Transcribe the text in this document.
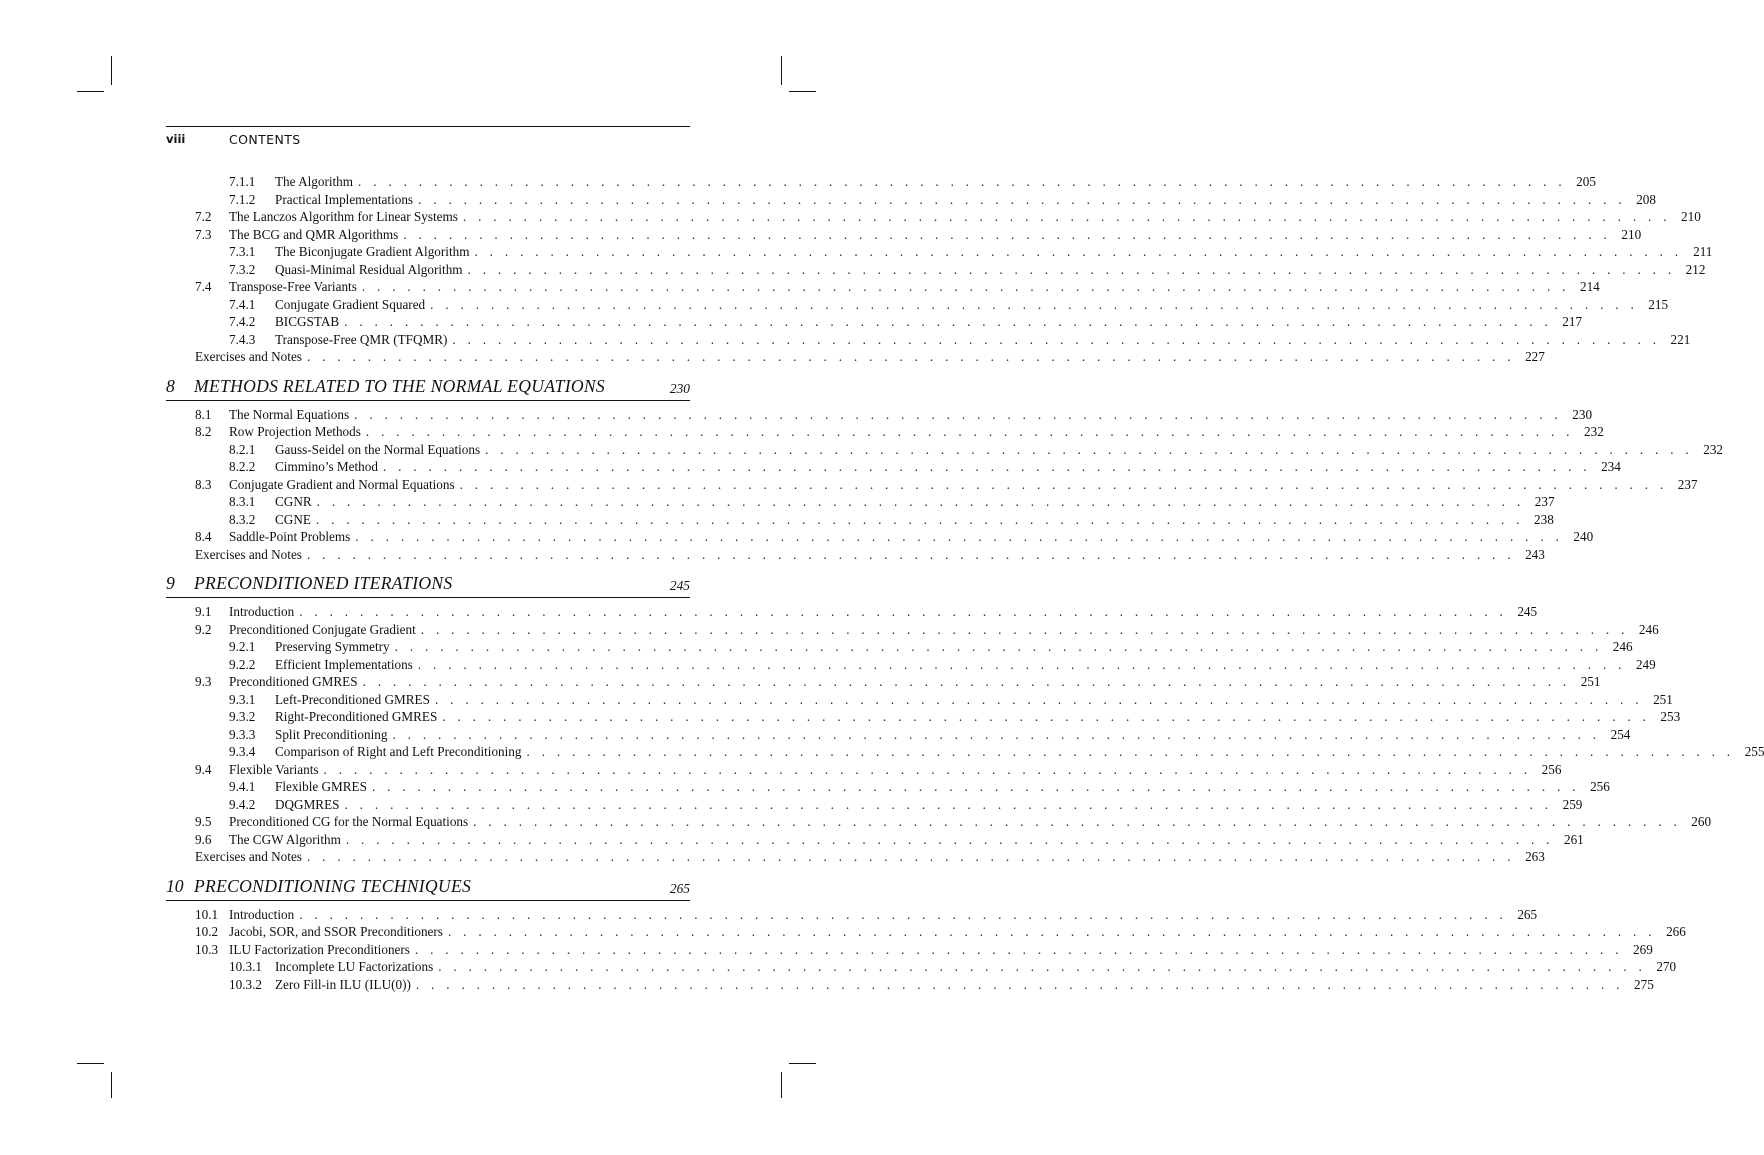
viii	CONTENTS
7.1.1	The Algorithm . . . . . . . . . . . . . . . . . . . . . . . . . . . . . . . . . . . . . . . . . . . . . . . . . . . . . . . . . . . . . . . . . . . . . . . . . . . . . . . . 205
7.1.2	Practical Implementations . . . . . . . . . . . . . . . . . . . . . . . . . . . . . . . . . . . . . . . . . . . . . . . . . . . . . . . . . . . . . . . . . . . . . . . . . . . . . . . . 208
7.2	The Lanczos Algorithm for Linear Systems . . . . . . . . . . . . . . . . . . . . . . . . . . . . . . . . . . . . . . . . . . . . . . . . . . . . . . . . . . . . . . . . . . . . . . . . . . . . . . . . 210
7.3	The BCG and QMR Algorithms . . . . . . . . . . . . . . . . . . . . . . . . . . . . . . . . . . . . . . . . . . . . . . . . . . . . . . . . . . . . . . . . . . . . . . . . . . . . . . . . 210
7.3.1	The Biconjugate Gradient Algorithm . . . . . . . . . . . . . . . . . . . . . . . . . . . . . . . . . . . . . . . . . . . . . . . . . . . . . . . . . . . . . . . . . . . . . . . . . . . . . . . . 211
7.3.2	Quasi-Minimal Residual Algorithm . . . . . . . . . . . . . . . . . . . . . . . . . . . . . . . . . . . . . . . . . . . . . . . . . . . . . . . . . . . . . . . . . . . . . . . . . . . . . . . . 212
7.4	Transpose-Free Variants . . . . . . . . . . . . . . . . . . . . . . . . . . . . . . . . . . . . . . . . . . . . . . . . . . . . . . . . . . . . . . . . . . . . . . . . . . . . . . . . 214
7.4.1	Conjugate Gradient Squared . . . . . . . . . . . . . . . . . . . . . . . . . . . . . . . . . . . . . . . . . . . . . . . . . . . . . . . . . . . . . . . . . . . . . . . . . . . . . . . . 215
7.4.2	BICGSTAB . . . . . . . . . . . . . . . . . . . . . . . . . . . . . . . . . . . . . . . . . . . . . . . . . . . . . . . . . . . . . . . . . . . . . . . . . . . . . . . . 217
7.4.3	Transpose-Free QMR (TFQMR) . . . . . . . . . . . . . . . . . . . . . . . . . . . . . . . . . . . . . . . . . . . . . . . . . . . . . . . . . . . . . . . . . . . . . . . . . . . . . . . . 221
Exercises and Notes . . . . . . . . . . . . . . . . . . . . . . . . . . . . . . . . . . . . . . . . . . . . . . . . . . . . . . . . . . . . . . . . . . . . . . . . . . . . . . . . 227
8 METHODS RELATED TO THE NORMAL EQUATIONS	230
8.1	The Normal Equations . . . . . . . . . . . . . . . . . . . . . . . . . . . . . . . . . . . . . . . . . . . . . . . . . . . . . . . . . . . . . . . . . . . . . . . . . . . . . . . . 230
8.2	Row Projection Methods . . . . . . . . . . . . . . . . . . . . . . . . . . . . . . . . . . . . . . . . . . . . . . . . . . . . . . . . . . . . . . . . . . . . . . . . . . . . . . . . 232
8.2.1	Gauss-Seidel on the Normal Equations . . . . . . . . . . . . . . . . . . . . . . . . . . . . . . . . . . . . . . . . . . . . . . . . . . . . . . . . . . . . . . . . . . . . . . . . . . . . . . . . 232
8.2.2	Cimmino’s Method . . . . . . . . . . . . . . . . . . . . . . . . . . . . . . . . . . . . . . . . . . . . . . . . . . . . . . . . . . . . . . . . . . . . . . . . . . . . . . . . 234
8.3	Conjugate Gradient and Normal Equations . . . . . . . . . . . . . . . . . . . . . . . . . . . . . . . . . . . . . . . . . . . . . . . . . . . . . . . . . . . . . . . . . . . . . . . . . . . . . . . . 237
8.3.1	CGNR . . . . . . . . . . . . . . . . . . . . . . . . . . . . . . . . . . . . . . . . . . . . . . . . . . . . . . . . . . . . . . . . . . . . . . . . . . . . . . . . 237
8.3.2	CGNE . . . . . . . . . . . . . . . . . . . . . . . . . . . . . . . . . . . . . . . . . . . . . . . . . . . . . . . . . . . . . . . . . . . . . . . . . . . . . . . . 238
8.4	Saddle-Point Problems . . . . . . . . . . . . . . . . . . . . . . . . . . . . . . . . . . . . . . . . . . . . . . . . . . . . . . . . . . . . . . . . . . . . . . . . . . . . . . . . 240
Exercises and Notes . . . . . . . . . . . . . . . . . . . . . . . . . . . . . . . . . . . . . . . . . . . . . . . . . . . . . . . . . . . . . . . . . . . . . . . . . . . . . . . . 243
9 PRECONDITIONED ITERATIONS	245
9.1	Introduction . . . . . . . . . . . . . . . . . . . . . . . . . . . . . . . . . . . . . . . . . . . . . . . . . . . . . . . . . . . . . . . . . . . . . . . . . . . . . . . . 245
9.2	Preconditioned Conjugate Gradient . . . . . . . . . . . . . . . . . . . . . . . . . . . . . . . . . . . . . . . . . . . . . . . . . . . . . . . . . . . . . . . . . . . . . . . . . . . . . . . . 246
9.2.1	Preserving Symmetry . . . . . . . . . . . . . . . . . . . . . . . . . . . . . . . . . . . . . . . . . . . . . . . . . . . . . . . . . . . . . . . . . . . . . . . . . . . . . . . . 246
9.2.2	Efficient Implementations . . . . . . . . . . . . . . . . . . . . . . . . . . . . . . . . . . . . . . . . . . . . . . . . . . . . . . . . . . . . . . . . . . . . . . . . . . . . . . . . 249
9.3	Preconditioned GMRES . . . . . . . . . . . . . . . . . . . . . . . . . . . . . . . . . . . . . . . . . . . . . . . . . . . . . . . . . . . . . . . . . . . . . . . . . . . . . . . . 251
9.3.1	Left-Preconditioned GMRES . . . . . . . . . . . . . . . . . . . . . . . . . . . . . . . . . . . . . . . . . . . . . . . . . . . . . . . . . . . . . . . . . . . . . . . . . . . . . . . . 251
9.3.2	Right-Preconditioned GMRES . . . . . . . . . . . . . . . . . . . . . . . . . . . . . . . . . . . . . . . . . . . . . . . . . . . . . . . . . . . . . . . . . . . . . . . . . . . . . . . . 253
9.3.3	Split Preconditioning . . . . . . . . . . . . . . . . . . . . . . . . . . . . . . . . . . . . . . . . . . . . . . . . . . . . . . . . . . . . . . . . . . . . . . . . . . . . . . . . 254
9.3.4	Comparison of Right and Left Preconditioning . . . . . . . . . . . . . . . . . . . . . . . . . . . . . . . . . . . . . . . . . . . . . . . . . . . . . . . . . . . . . . . . . . . . . . . . . . . . . . . . 255
9.4	Flexible Variants . . . . . . . . . . . . . . . . . . . . . . . . . . . . . . . . . . . . . . . . . . . . . . . . . . . . . . . . . . . . . . . . . . . . . . . . . . . . . . . . 256
9.4.1	Flexible GMRES . . . . . . . . . . . . . . . . . . . . . . . . . . . . . . . . . . . . . . . . . . . . . . . . . . . . . . . . . . . . . . . . . . . . . . . . . . . . . . . . 256
9.4.2	DQGMRES . . . . . . . . . . . . . . . . . . . . . . . . . . . . . . . . . . . . . . . . . . . . . . . . . . . . . . . . . . . . . . . . . . . . . . . . . . . . . . . . 259
9.5	Preconditioned CG for the Normal Equations . . . . . . . . . . . . . . . . . . . . . . . . . . . . . . . . . . . . . . . . . . . . . . . . . . . . . . . . . . . . . . . . . . . . . . . . . . . . . . . . 260
9.6	The CGW Algorithm . . . . . . . . . . . . . . . . . . . . . . . . . . . . . . . . . . . . . . . . . . . . . . . . . . . . . . . . . . . . . . . . . . . . . . . . . . . . . . . . 261
Exercises and Notes . . . . . . . . . . . . . . . . . . . . . . . . . . . . . . . . . . . . . . . . . . . . . . . . . . . . . . . . . . . . . . . . . . . . . . . . . . . . . . . . 263
10 PRECONDITIONING TECHNIQUES	265
10.1 Introduction . . . . . . . . . . . . . . . . . . . . . . . . . . . . . . . . . . . . . . . . . . . . . . . . . . . . . . . . . . . . . . . . . . . . . . . . . . . . . . . . 265
10.2 Jacobi, SOR, and SSOR Preconditioners . . . . . . . . . . . . . . . . . . . . . . . . . . . . . . . . . . . . . . . . . . . . . . . . . . . . . . . . . . . . . . . . . . . . . . . . . . . . . . . . 266
10.3 ILU Factorization Preconditioners . . . . . . . . . . . . . . . . . . . . . . . . . . . . . . . . . . . . . . . . . . . . . . . . . . . . . . . . . . . . . . . . . . . . . . . . . . . . . . . . 269
10.3.1 Incomplete LU Factorizations . . . . . . . . . . . . . . . . . . . . . . . . . . . . . . . . . . . . . . . . . . . . . . . . . . . . . . . . . . . . . . . . . . . . . . . . . . . . . . . . 270
10.3.2 Zero Fill-in ILU (ILU(0)) . . . . . . . . . . . . . . . . . . . . . . . . . . . . . . . . . . . . . . . . . . . . . . . . . . . . . . . . . . . . . . . . . . . . . . . . . . . . . . . . 275
